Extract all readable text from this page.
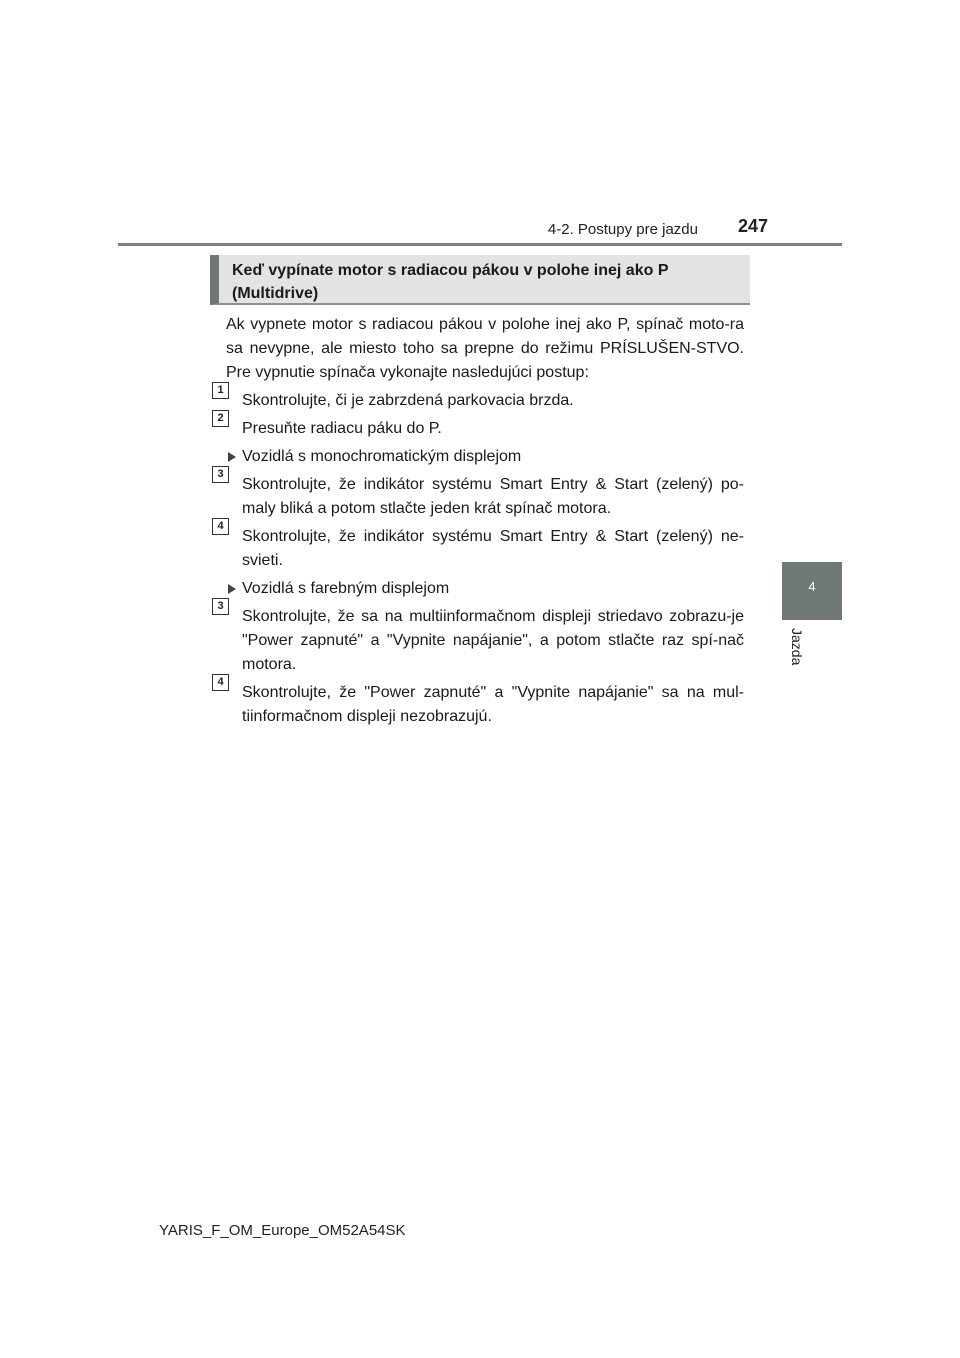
4-2. Postupy pre jazdu 247
4
Jazda
Keď vypínate motor s radiacou pákou v polohe inej ako P (Multidrive)

Ak vypnete motor s radiacou pákou v polohe inej ako P, spínač moto-ra sa nevypne, ale miesto toho sa prepne do režimu PRÍSLUŠEN-STVO. Pre vypnutie spínača vykonajte nasledujúci postup:

1
Skontrolujte, či je zabrzdená parkovacia brzda.
2
Presuňte radiacu páku do P.
Vozidlá s monochromatickým displejom
3
Skontrolujte, že indikátor systému Smart Entry & Start (zelený) po-maly bliká a potom stlačte jeden krát spínač motora.
4
Skontrolujte, že indikátor systému Smart Entry & Start (zelený) ne-svieti.
Vozidlá s farebným displejom
3
Skontrolujte, že sa na multiinformačnom displeji striedavo zobrazu-je "Power zapnuté" a "Vypnite napájanie", a potom stlačte raz spí-nač motora.
4
Skontrolujte, že "Power zapnuté" a "Vypnite napájanie" sa na mul-tiinformačnom displeji nezobrazujú.
YARIS_F_OM_Europe_OM52A54SK
